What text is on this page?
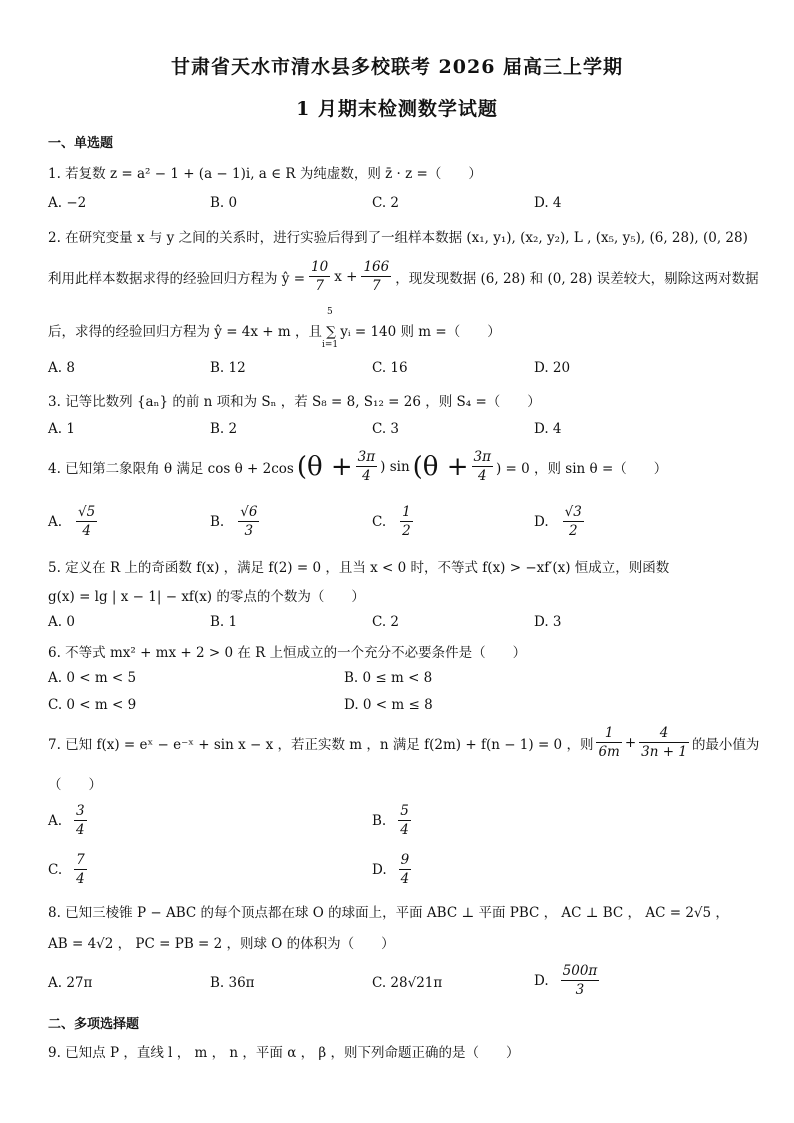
甘肃省天水市清水县多校联考 2026 届高三上学期
1 月期末检测数学试题
一、单选题
1. 若复数 z = a² − 1 + (a − 1)i, a ∈ R 为纯虚数，则 z̄ · z =（　　）
A. −2	B. 0	C. 2	D. 4
2. 在研究变量 x 与 y 之间的关系时，进行实验后得到了一组样本数据 (x₁, y₁), (x₂, y₂), L , (x₅, y₅), (6, 28), (0, 28)
利用此样本数据求得的经验回归方程为 ŷ = $\frac{10}{7}$ $x + \frac{166}{7}$ ，现发现数据 (6, 28) 和 (0, 28) 误差较大，剔除这两对数据
5
i=1
后，求得的经验回归方程为 ŷ = 4x + m ，且 ∑ yᵢ = 140 则 m =（　　）
A. 8	B. 12	C. 16	D. 20
3. 记等比数列 {aₙ} 的前 n 项和为 Sₙ ，若 S₈ = 8, S₁₂ = 26 ，则 S₄ =（　　）
A. 1	B. 2	C. 3	D. 4
4. 已知第二象限角 θ 满足 cos θ + 2cos ($\theta + \frac{3\pi}{4}$ ) $\sin (\theta + \frac{3\pi}{4}$ ) = 0 ，则 sin θ =（　　）
A. $\frac{√5}{4}$	B. $\frac{√6}{3}$	C. $\frac{1}{2}$	D. $\frac{√3}{2}$
5. 定义在 R 上的奇函数 f(x) ，满足 f(2) = 0 ，且当 x < 0 时，不等式 f(x) > −xf′(x) 恒成立，则函数
g(x) = lg | x − 1| − xf(x) 的零点的个数为（　　）
A. 0	B. 1	C. 2	D. 3
6. 不等式 mx² + mx + 2 > 0 在 R 上恒成立的一个充分不必要条件是（　　）
A. 0 < m < 5	B. 0 ≤ m < 8
C. 0 < m < 9	D. 0 < m ≤ 8
7. 已知 f(x) = eˣ − e⁻ˣ + sin x − x ，若正实数 m ，n 满足 f(2m) + f(n − 1) = 0 ，则 $\frac{1}{6m} + \frac{4}{3n + 1}$ 的最小值为
（　　）
A. $\frac{3}{4}$	B. $\frac{5}{4}$
C. $\frac{7}{4}$	D. $\frac{9}{4}$
8. 已知三棱锥 P − ABC 的每个顶点都在球 O 的球面上，平面 ABC ⊥ 平面 PBC ， AC ⊥ BC ， AC = 2√5 ，
AB = 4√2 ， PC = PB = 2 ，则球 O 的体积为（　　）
A. 27π	B. 36π	C. 28√21π	D. $\frac{500\pi}{3}$
二、多项选择题
9. 已知点 P ，直线 l ， m ， n ，平面 α ， β ，则下列命题正确的是（　　）
